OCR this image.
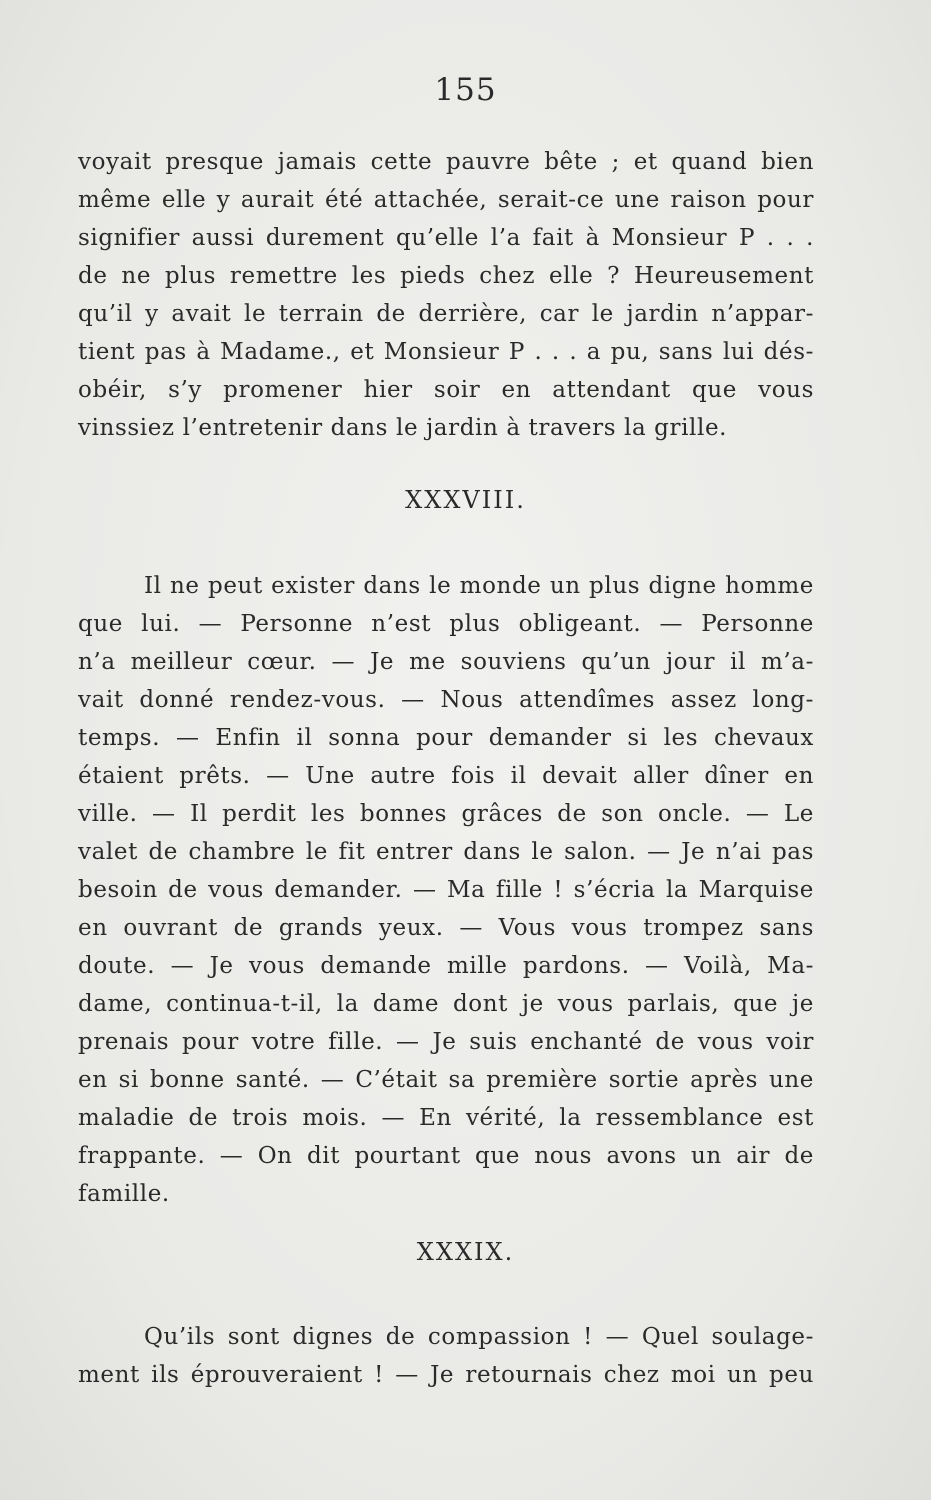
155
voyait presque jamais cette pauvre bête ; et quand bien
même elle y aurait été attachée, serait-ce une raison pour
signifier aussi durement qu’elle l’a fait à Monsieur P . . .
de ne plus remettre les pieds chez elle ? Heureusement
qu’il y avait le terrain de derrière, car le jardin n’appar-
tient pas à Madame., et Monsieur P . . . a pu, sans lui dés-
obéir, s’y promener hier soir en attendant que vous
vinssiez l’entretenir dans le jardin à travers la grille.
XXXVIII.
Il ne peut exister dans le monde un plus digne homme
que lui. — Personne n’est plus obligeant. — Personne
n’a meilleur cœur. — Je me souviens qu’un jour il m’a-
vait donné rendez-vous. — Nous attendîmes assez long-
temps. — Enfin il sonna pour demander si les chevaux
étaient prêts. — Une autre fois il devait aller dîner en
ville. — Il perdit les bonnes grâces de son oncle. — Le
valet de chambre le fit entrer dans le salon. — Je n’ai pas
besoin de vous demander. — Ma fille ! s’écria la Marquise
en ouvrant de grands yeux. — Vous vous trompez sans
doute. — Je vous demande mille pardons. — Voilà, Ma-
dame, continua-t-il, la dame dont je vous parlais, que je
prenais pour votre fille. — Je suis enchanté de vous voir
en si bonne santé. — C’était sa première sortie après une
maladie de trois mois. — En vérité, la ressemblance est
frappante. — On dit pourtant que nous avons un air de
famille.
XXXIX.
Qu’ils sont dignes de compassion ! — Quel soulage-
ment ils éprouveraient ! — Je retournais chez moi un peu
